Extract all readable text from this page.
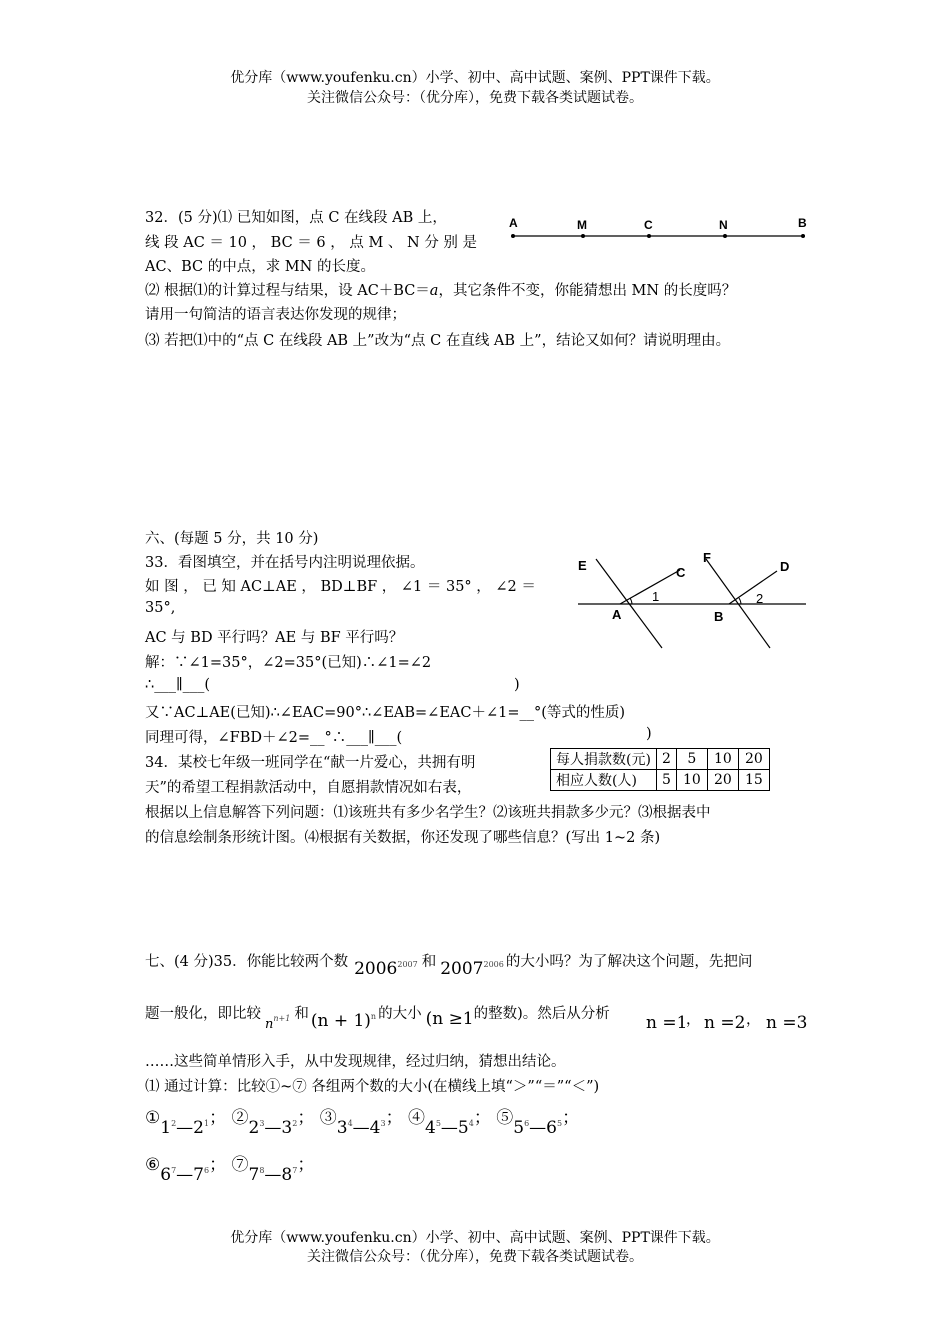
优分库（www.youfenku.cn）小学、初中、高中试题、案例、PPT课件下载。
关注微信公众号：（优分库），免费下载各类试题试卷。
32．(5 分)⑴ 已知如图，点 C 在线段 AB 上，
线 段 AC ＝ 10 ， BC ＝ 6 ， 点 M 、 N 分 别 是
AC、BC 的中点，求 MN 的长度。
⑵ 根据⑴的计算过程与结果，设 AC＋BC＝𝑎，其它条件不变，你能猜想出 MN 的长度吗？
请用一句简洁的语言表达你发现的规律；
⑶ 若把⑴中的“点 C 在线段 AB 上”改为“点 C 在直线 AB 上”，结论又如何？请说明理由。
A	M	C	N	B
六、(每题 5 分，共 10 分)
33．看图填空，并在括号内注明说理依据。
如 图 ， 已 知 AC⊥AE ， BD⊥BF ， ∠1 ＝ 35° ， ∠2 ＝
35°,
AC 与 BD 平行吗？AE 与 BF 平行吗？
解：∵∠1=35°，∠2=35°(已知)∴∠1=∠2
∴___∥___(	)
又∵AC⊥AE(已知)∴∠EAC=90°∴∠EAB=∠EAC＋∠1=__°(等式的性质)
同理可得，∠FBD＋∠2=__°∴___∥___(	)
E	C
F
D
A	B
1	2
34．某校七年级一班同学在“献一片爱心，共拥有明
天”的希望工程捐款活动中，自愿捐款情况如右表，
根据以上信息解答下列问题：⑴该班共有多少名学生？⑵该班共捐款多少元？⑶根据表中
的信息绘制条形统计图。⑷根据有关数据，你还发现了哪些信息？(写出 1~2 条)
每人捐款数(元)	2	5	10	20
相应人数(人)	5	10	20	15
七、(4 分)35．你能比较两个数 $2006^{2007}$ 和 $2007^{2006}$ 的大小吗？为了解决这个问题，先把问
题一般化，即比较$n^{n+1}$ 和 $(n + 1)^n$ 的大小 (n ≥1的整数)。然后从分析 n =1
， n =2 ， n =3
……这些简单情形入手，从中发现规律，经过归纳，猜想出结论。
⑴ 通过计算：比较①~⑦ 各组两个数的大小(在横线上填“＞”“＝”“＜”)
$①1^2—2^1$； $②2^3—3^2$； $③3^4—4^3$； $④4^5—5^4$； $⑤5^6—6^5$；
$⑥6^7—7^6$； $⑦7^8—8^7$；
优分库（www.youfenku.cn）小学、初中、高中试题、案例、PPT课件下载。
关注微信公众号：（优分库），免费下载各类试题试卷。
